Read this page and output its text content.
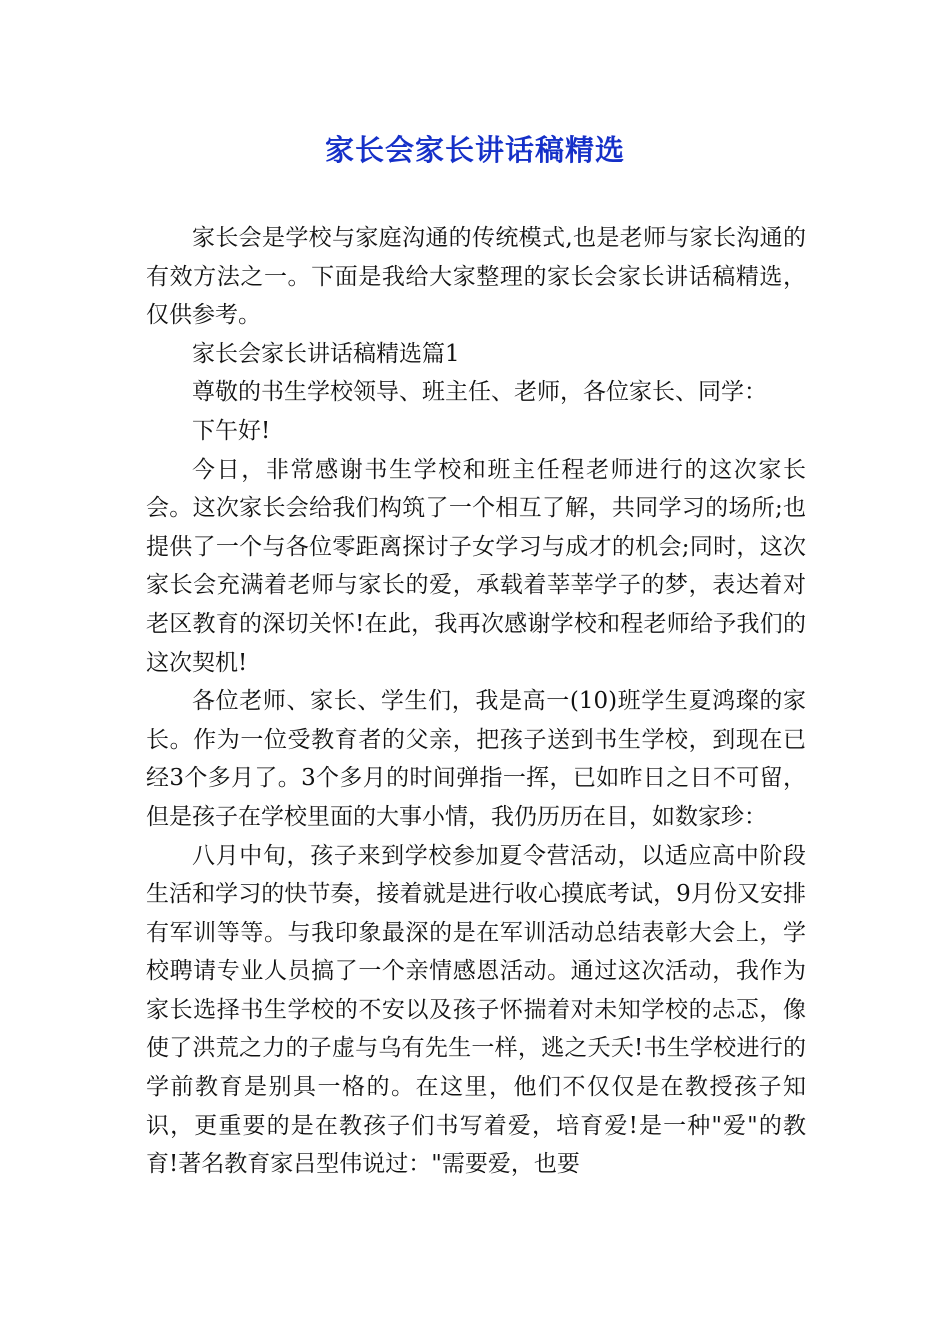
家长会家长讲话稿精选

家长会是学校与家庭沟通的传统模式,也是老师与家长沟通的有效方法之一。下面是我给大家整理的家长会家长讲话稿精选，仅供参考。

家长会家长讲话稿精选篇1

尊敬的书生学校领导、班主任、老师，各位家长、同学：

下午好!

今日，非常感谢书生学校和班主任程老师进行的这次家长会。这次家长会给我们构筑了一个相互了解，共同学习的场所;也提供了一个与各位零距离探讨子女学习与成才的机会;同时，这次家长会充满着老师与家长的爱，承载着莘莘学子的梦，表达着对老区教育的深切关怀!在此，我再次感谢学校和程老师给予我们的这次契机!

各位老师、家长、学生们，我是高一(10)班学生夏鸿璨的家长。作为一位受教育者的父亲，把孩子送到书生学校，到现在已经3个多月了。3个多月的时间弹指一挥，已如昨日之日不可留，但是孩子在学校里面的大事小情，我仍历历在目，如数家珍：

八月中旬，孩子来到学校参加夏令营活动，以适应高中阶段生活和学习的快节奏，接着就是进行收心摸底考试，9月份又安排有军训等等。与我印象最深的是在军训活动总结表彰大会上，学校聘请专业人员搞了一个亲情感恩活动。通过这次活动，我作为家长选择书生学校的不安以及孩子怀揣着对未知学校的忐忑，像使了洪荒之力的子虚与乌有先生一样，逃之夭夭!书生学校进行的学前教育是别具一格的。在这里，他们不仅仅是在教授孩子知识，更重要的是在教孩子们书写着爱，培育爱!是一种"爱"的教育!著名教育家吕型伟说过："需要爱，也要
